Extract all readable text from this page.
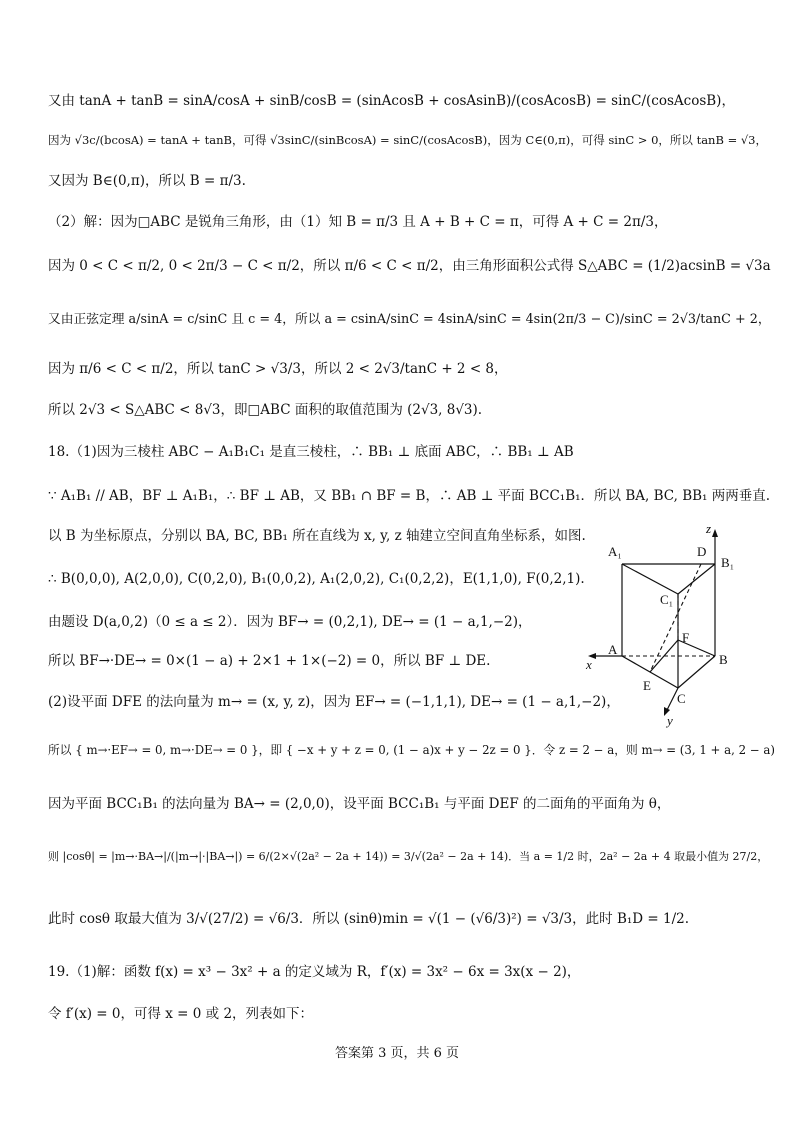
又由 tanA + tanB = sinA/cosA + sinB/cosB = (sinAcosB + cosAsinB)/(cosAcosB) = sinC/(cosAcosB)，
因为 √3c/(bcosA) = tanA + tanB，可得 √3sinC/(sinBcosA) = sinC/(cosAcosB)，因为 C∈(0,π)，可得 sinC > 0，所以 tanB = √3，
又因为 B∈(0,π)，所以 B = π/3.
（2）解：因为□ABC 是锐角三角形，由（1）知 B = π/3 且 A + B + C = π，可得 A + C = 2π/3，
因为 0 < C < π/2, 0 < 2π/3 − C < π/2，所以 π/6 < C < π/2，由三角形面积公式得 S△ABC = (1/2)acsinB = √3a
又由正弦定理 a/sinA = c/sinC 且 c = 4，所以 a = csinA/sinC = 4sinA/sinC = 4sin(2π/3 − C)/sinC = 2√3/tanC + 2，
因为 π/6 < C < π/2，所以 tanC > √3/3，所以 2 < 2√3/tanC + 2 < 8，
所以 2√3 < S△ABC < 8√3，即□ABC 面积的取值范围为 (2√3, 8√3).
18.（1)因为三棱柱 ABC − A₁B₁C₁ 是直三棱柱，∴ BB₁ ⊥ 底面 ABC，∴ BB₁ ⊥ AB
∵ A₁B₁ // AB，BF ⊥ A₁B₁，∴ BF ⊥ AB，又 BB₁ ∩ BF = B，∴ AB ⊥ 平面 BCC₁B₁．所以 BA, BC, BB₁ 两两垂直.
以 B 为坐标原点，分别以 BA, BC, BB₁ 所在直线为 x, y, z 轴建立空间直角坐标系，如图.
∴ B(0,0,0), A(2,0,0), C(0,2,0), B₁(0,0,2), A₁(2,0,2), C₁(0,2,2)，E(1,1,0), F(0,2,1).
由题设 D(a,0,2)（0 ≤ a ≤ 2）．因为 BF→ = (0,2,1), DE→ = (1 − a,1,−2)，
所以 BF→·DE→ = 0×(1 − a) + 2×1 + 1×(−2) = 0，所以 BF ⊥ DE.
(2)设平面 DFE 的法向量为 m→ = (x, y, z)，因为 EF→ = (−1,1,1), DE→ = (1 − a,1,−2)，
所以 { m→·EF→ = 0, m→·DE→ = 0 }，即 { −x + y + z = 0, (1 − a)x + y − 2z = 0 }．令 z = 2 − a，则 m→ = (3, 1 + a, 2 − a)
因为平面 BCC₁B₁ 的法向量为 BA→ = (2,0,0)，设平面 BCC₁B₁ 与平面 DEF 的二面角的平面角为 θ，
则 |cosθ| = |m→·BA→|/(|m→|·|BA→|) = 6/(2×√(2a² − 2a + 14)) = 3/√(2a² − 2a + 14)．当 a = 1/2 时，2a² − 2a + 4 取最小值为 27/2，
此时 cosθ 取最大值为 3/√(27/2) = √6/3．所以 (sinθ)min = √(1 − (√6/3)²) = √3/3，此时 B₁D = 1/2.
19.（1)解：函数 f(x) = x³ − 3x² + a 的定义域为 R，f′(x) = 3x² − 6x = 3x(x − 2)，
令 f′(x) = 0，可得 x = 0 或 2，列表如下：
A₁	D
B₁
C₁
F
A
B
E
C
x
y
z
答案第 3 页，共 6 页
